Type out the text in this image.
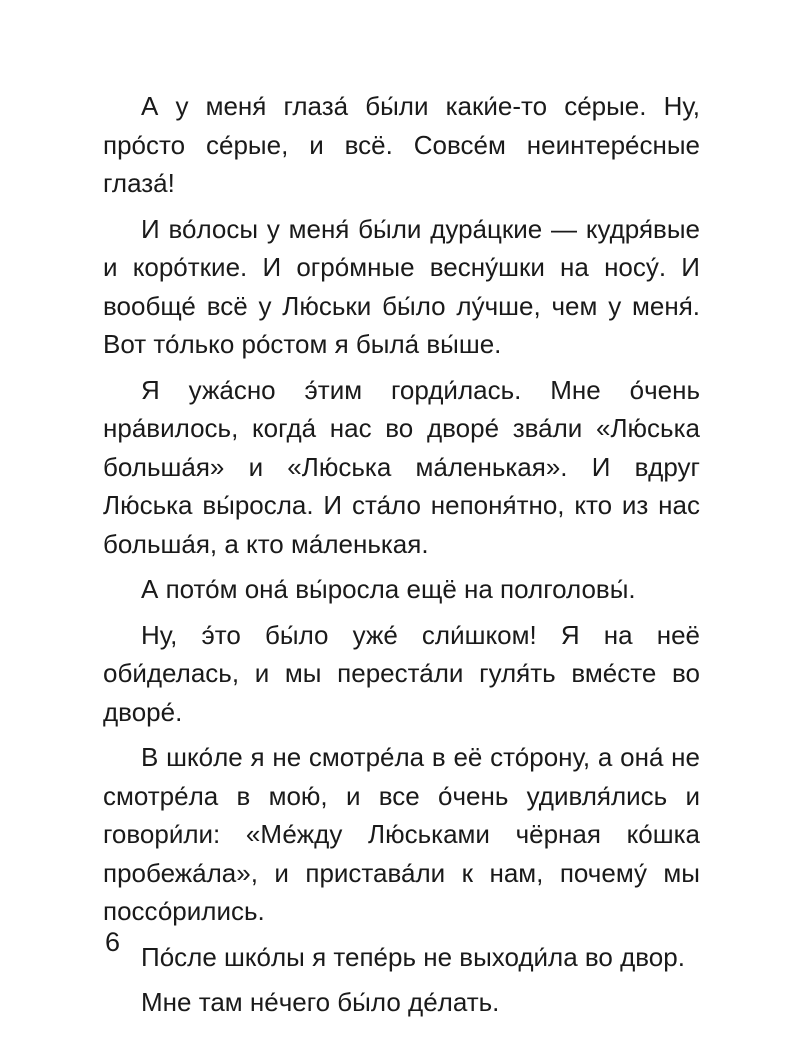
А у меня́ глаза́ бы́ли каки́е-то се́рые. Ну, про́сто се́рые, и всё. Совсе́м неинтере́сные глаза́!

И во́лосы у меня́ бы́ли дура́цкие — кудря́вые и коро́ткие. И огро́мные весну́шки на носу́. И вообще́ всё у Лю́ськи бы́ло лу́чше, чем у меня́. Вот то́лько ро́стом я была́ вы́ше.

Я ужа́сно э́тим горди́лась. Мне о́чень нра́вилось, когда́ нас во дворе́ зва́ли «Лю́ська больша́я» и «Лю́ська ма́ленькая». И вдруг Лю́ська вы́росла. И ста́ло непоня́тно, кто из нас больша́я, а кто ма́ленькая.

А пото́м она́ вы́росла ещё на полголовы́.

Ну, э́то бы́ло уже́ сли́шком! Я на неё оби́делась, и мы переста́ли гуля́ть вме́сте во дворе́.

В шко́ле я не смотре́ла в её сто́рону, а она́ не смотре́ла в мою́, и все о́чень удивля́лись и говори́ли: «Ме́жду Лю́ськами чёрная ко́шка пробежа́ла», и пристава́ли к нам, почему́ мы поссо́рились.

По́сле шко́лы я тепе́рь не выходи́ла во двор.

Мне там не́чего бы́ло де́лать.

6
